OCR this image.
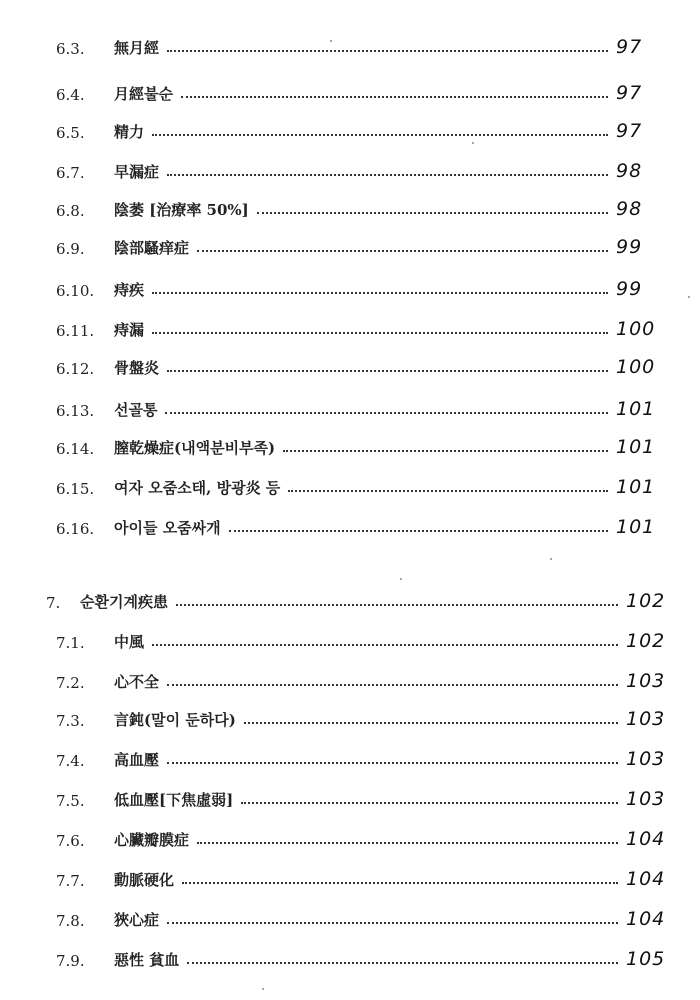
6.3.	無月經	97
6.4.	月經불순	97
6.5.	精力	97
6.7.	早漏症	98
6.8.	陰萎 [治療率 50%]	98
6.9.	陰部騷痒症	99
6.10.	痔疾	99
6.11.	痔漏	100
6.12.	骨盤炎	100
6.13.	선골통	101
6.14.	膣乾燥症(내액분비부족)	101
6.15.	여자 오줌소태, 방광炎 등	101
6.16.	아이들 오줌싸개	101
7.	순환기계疾患	102
7.1.	中風	102
7.2.	心不全	103
7.3.	言鈍(말이 둔하다)	103
7.4.	高血壓	103
7.5.	低血壓[下焦虛弱]	103
7.6.	心臟瓣膜症	104
7.7.	動脈硬化	104
7.8.	狹心症	104
7.9.	惡性 貧血	105
